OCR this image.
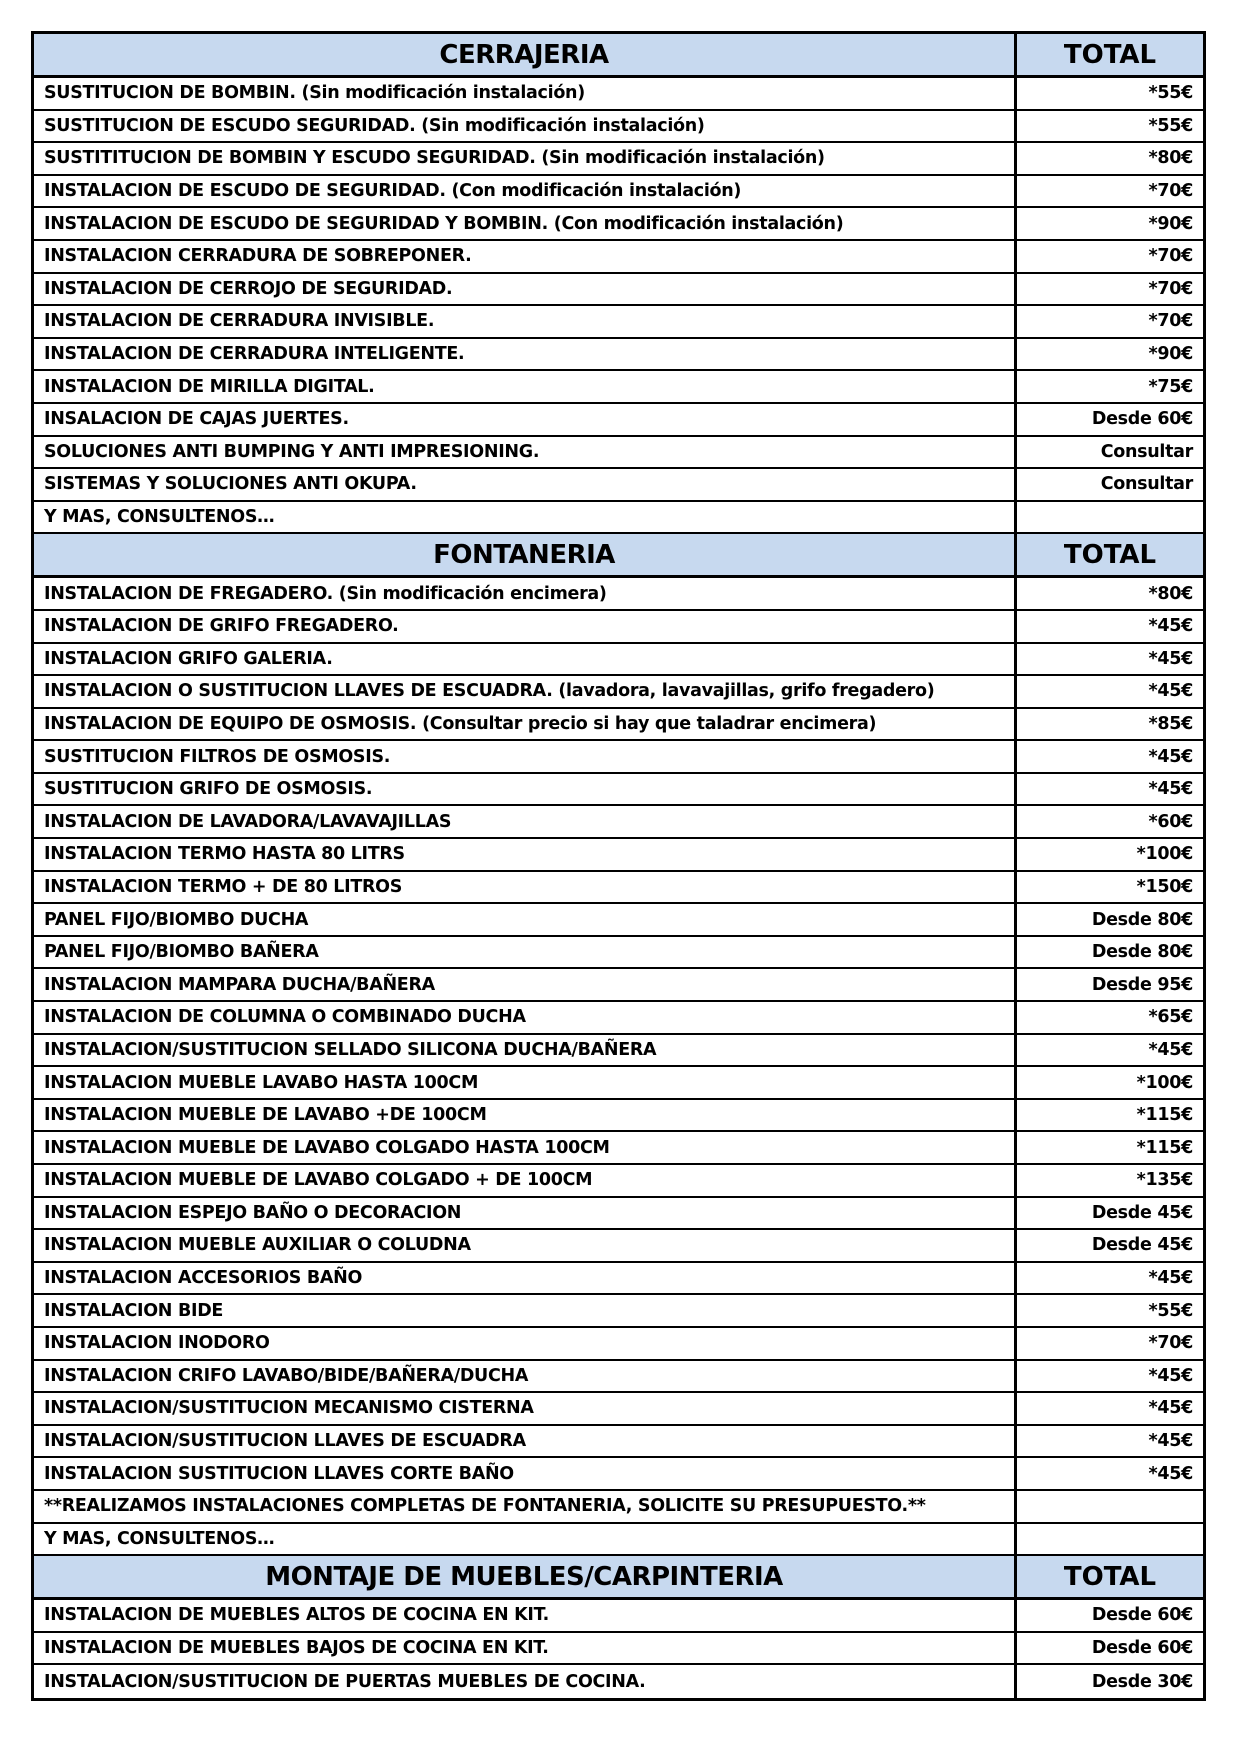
CERRAJERIA	TOTAL
SUSTITUCION DE BOMBIN. (Sin modificación instalación)	*55€
SUSTITUCION DE ESCUDO SEGURIDAD. (Sin modificación instalación)	*55€
SUSTITITUCION DE BOMBIN Y ESCUDO SEGURIDAD. (Sin modificación instalación)	*80€
INSTALACION DE ESCUDO DE SEGURIDAD. (Con modificación instalación)	*70€
INSTALACION DE ESCUDO DE SEGURIDAD Y BOMBIN. (Con modificación instalación)	*90€
INSTALACION CERRADURA DE SOBREPONER.	*70€
INSTALACION DE CERROJO DE SEGURIDAD.	*70€
INSTALACION DE CERRADURA INVISIBLE.	*70€
INSTALACION DE CERRADURA INTELIGENTE.	*90€
INSTALACION DE MIRILLA DIGITAL.	*75€
INSALACION DE CAJAS JUERTES.	Desde 60€
SOLUCIONES ANTI BUMPING Y ANTI IMPRESIONING.	Consultar
SISTEMAS Y SOLUCIONES ANTI OKUPA.	Consultar
Y MAS, CONSULTENOS…
FONTANERIA	TOTAL
INSTALACION DE FREGADERO. (Sin modificación encimera)	*80€
INSTALACION DE GRIFO FREGADERO.	*45€
INSTALACION GRIFO GALERIA.	*45€
INSTALACION O SUSTITUCION LLAVES DE ESCUADRA. (lavadora, lavavajillas, grifo fregadero)	*45€
INSTALACION DE EQUIPO DE OSMOSIS. (Consultar precio si hay que taladrar encimera)	*85€
SUSTITUCION FILTROS DE OSMOSIS.	*45€
SUSTITUCION GRIFO DE OSMOSIS.	*45€
INSTALACION DE LAVADORA/LAVAVAJILLAS	*60€
INSTALACION TERMO HASTA 80 LITRS	*100€
INSTALACION TERMO + DE 80 LITROS	*150€
PANEL FIJO/BIOMBO DUCHA	Desde 80€
PANEL FIJO/BIOMBO BAÑERA	Desde 80€
INSTALACION MAMPARA DUCHA/BAÑERA	Desde 95€
INSTALACION DE COLUMNA O COMBINADO DUCHA	*65€
INSTALACION/SUSTITUCION SELLADO SILICONA DUCHA/BAÑERA	*45€
INSTALACION MUEBLE LAVABO HASTA 100CM	*100€
INSTALACION MUEBLE DE LAVABO +DE 100CM	*115€
INSTALACION MUEBLE DE LAVABO COLGADO HASTA 100CM	*115€
INSTALACION MUEBLE DE LAVABO COLGADO + DE 100CM	*135€
INSTALACION ESPEJO BAÑO O DECORACION	Desde 45€
INSTALACION MUEBLE AUXILIAR O COLUDNA	Desde 45€
INSTALACION ACCESORIOS BAÑO	*45€
INSTALACION BIDE	*55€
INSTALACION INODORO	*70€
INSTALACION CRIFO LAVABO/BIDE/BAÑERA/DUCHA	*45€
INSTALACION/SUSTITUCION MECANISMO CISTERNA	*45€
INSTALACION/SUSTITUCION LLAVES DE ESCUADRA	*45€
INSTALACION SUSTITUCION LLAVES CORTE BAÑO	*45€
**REALIZAMOS INSTALACIONES COMPLETAS DE FONTANERIA, SOLICITE SU PRESUPUESTO.**
Y MAS, CONSULTENOS…
MONTAJE DE MUEBLES/CARPINTERIA	TOTAL
INSTALACION DE MUEBLES ALTOS DE COCINA EN KIT.	Desde 60€
INSTALACION DE MUEBLES BAJOS DE COCINA EN KIT.	Desde 60€
INSTALACION/SUSTITUCION DE PUERTAS MUEBLES DE COCINA.	Desde 30€
